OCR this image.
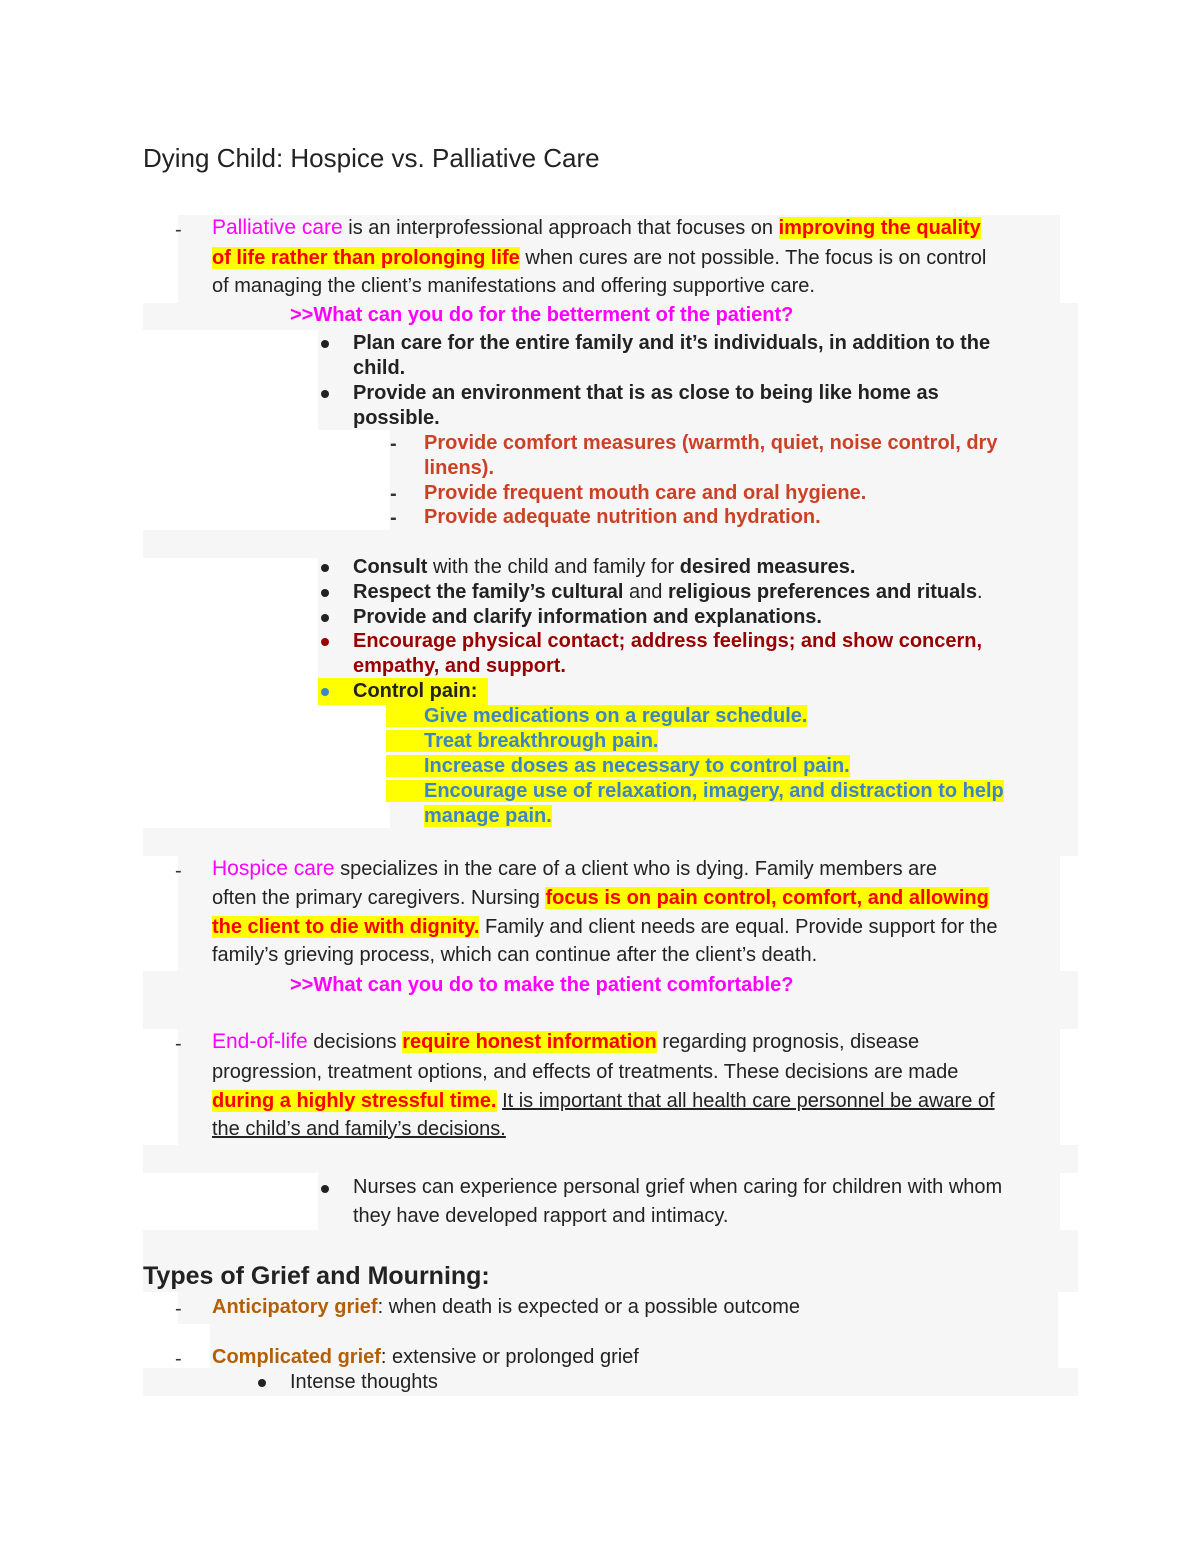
Dying Child: Hospice vs. Palliative Care
- Palliative care is an interprofessional approach that focuses on improving the quality
of life rather than prolonging life when cures are not possible. The focus is on control
of managing the client’s manifestations and offering supportive care.
>>What can you do for the betterment of the patient?
Plan care for the entire family and it’s individuals, in addition to the
child.
Provide an environment that is as close to being like home as
possible.
- Provide comfort measures (warmth, quiet, noise control, dry
linens).
- Provide frequent mouth care and oral hygiene.
- Provide adequate nutrition and hydration.
Consult with the child and family for desired measures.
Respect the family’s cultural and religious preferences and rituals.
Provide and clarify information and explanations.
Encourage physical contact; address feelings; and show concern,
empathy, and support.
Control pain:
Give medications on a regular schedule.
Treat breakthrough pain.
Increase doses as necessary to control pain.
Encourage use of relaxation, imagery, and distraction to help
manage pain.
- Hospice care specializes in the care of a client who is dying. Family members are
often the primary caregivers. Nursing focus is on pain control, comfort, and allowing
the client to die with dignity. Family and client needs are equal. Provide support for the
family’s grieving process, which can continue after the client’s death.
>>What can you do to make the patient comfortable?
- End-of-life decisions require honest information regarding prognosis, disease
progression, treatment options, and effects of treatments. These decisions are made
during a highly stressful time. It is important that all health care personnel be aware of
the child’s and family’s decisions.
Nurses can experience personal grief when caring for children with whom
they have developed rapport and intimacy.
Types of Grief and Mourning:
- Anticipatory grief: when death is expected or a possible outcome
- Complicated grief: extensive or prolonged grief
Intense thoughts
